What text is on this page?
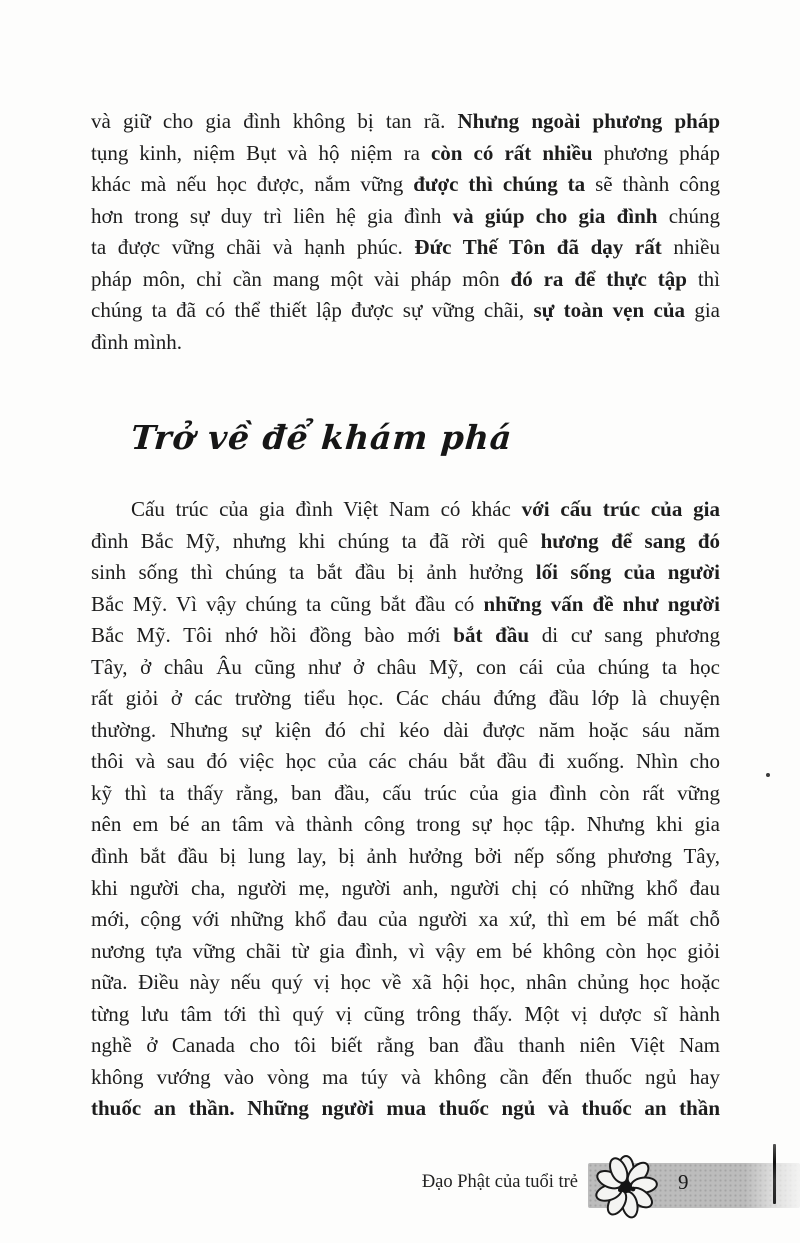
và giữ cho gia đình không bị tan rã. Nhưng ngoài phương pháp
tụng kinh, niệm Bụt và hộ niệm ra còn có rất nhiều phương pháp
khác mà nếu học được, nắm vững được thì chúng ta sẽ thành công
hơn trong sự duy trì liên hệ gia đình và giúp cho gia đình chúng
ta được vững chãi và hạnh phúc. Đức Thế Tôn đã dạy rất nhiều
pháp môn, chỉ cần mang một vài pháp môn đó ra để thực tập thì
chúng ta đã có thể thiết lập được sự vững chãi, sự toàn vẹn của gia
đình mình.
Trở về để khám phá
Cấu trúc của gia đình Việt Nam có khác với cấu trúc của gia
đình Bắc Mỹ, nhưng khi chúng ta đã rời quê hương để sang đó
sinh sống thì chúng ta bắt đầu bị ảnh hưởng lối sống của người
Bắc Mỹ. Vì vậy chúng ta cũng bắt đầu có những vấn đề như người
Bắc Mỹ. Tôi nhớ hồi đồng bào mới bắt đầu di cư sang phương
Tây, ở châu Âu cũng như ở châu Mỹ, con cái của chúng ta học
rất giỏi ở các trường tiểu học. Các cháu đứng đầu lớp là chuyện
thường. Nhưng sự kiện đó chỉ kéo dài được năm hoặc sáu năm
thôi và sau đó việc học của các cháu bắt đầu đi xuống. Nhìn cho
kỹ thì ta thấy rằng, ban đầu, cấu trúc của gia đình còn rất vững
nên em bé an tâm và thành công trong sự học tập. Nhưng khi gia
đình bắt đầu bị lung lay, bị ảnh hưởng bởi nếp sống phương Tây,
khi người cha, người mẹ, người anh, người chị có những khổ đau
mới, cộng với những khổ đau của người xa xứ, thì em bé mất chỗ
nương tựa vững chãi từ gia đình, vì vậy em bé không còn học giỏi
nữa. Điều này nếu quý vị học về xã hội học, nhân chủng học hoặc
từng lưu tâm tới thì quý vị cũng trông thấy. Một vị dược sĩ hành
nghề ở Canada cho tôi biết rằng ban đầu thanh niên Việt Nam
không vướng vào vòng ma túy và không cần đến thuốc ngủ hay
thuốc an thần. Những người mua thuốc ngủ và thuốc an thần
Đạo Phật của tuổi trẻ	9
